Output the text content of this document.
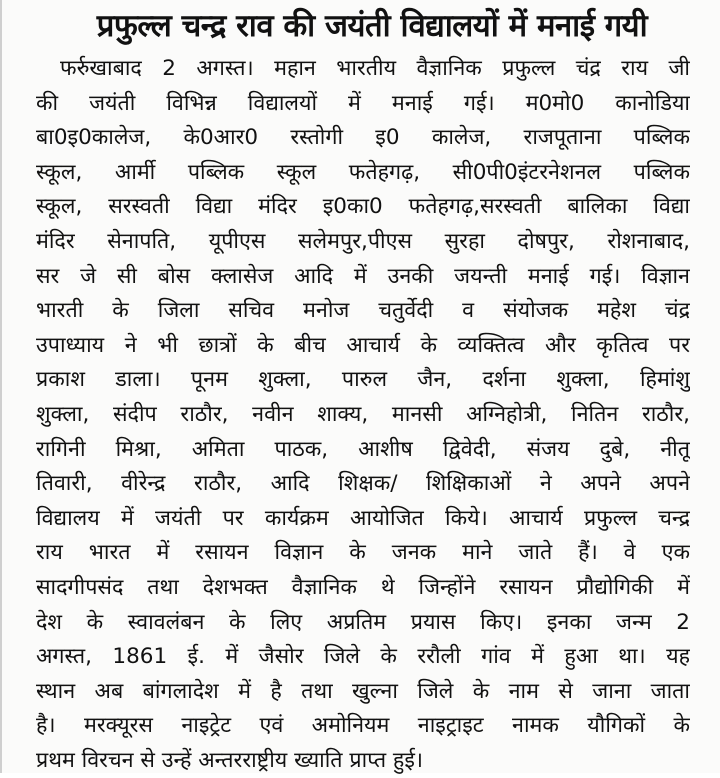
प्रफुल्ल चन्द्र राव की जयंती विद्यालयों में मनाई गयी
फर्रुखाबाद 2 अगस्त। महान भारतीय वैज्ञानिक प्रफुल्ल चंद्र राय जी
की जयंती विभिन्न विद्यालयों में मनाई गई। म0मो0 कानोडिया
बा0इ0कालेज, के0आर0 रस्तोगी इ0 कालेज, राजपूताना पब्लिक
स्कूल, आर्मी पब्लिक स्कूल फतेहगढ़, सी0पी0इंटरनेशनल पब्लिक
स्कूल, सरस्वती विद्या मंदिर इ0का0 फतेहगढ़,सरस्वती बालिका विद्या
मंदिर सेनापति, यूपीएस सलेमपुर,पीएस सुरहा दोषपुर, रोशनाबाद,
सर जे सी बोस क्लासेज आदि में उनकी जयन्ती मनाई गई। विज्ञान
भारती के जिला सचिव मनोज चतुर्वेदी व संयोजक महेश चंद्र
उपाध्याय ने भी छात्रों के बीच आचार्य के व्यक्तित्व और कृतित्व पर
प्रकाश डाला। पूनम शुक्ला, पारुल जैन, दर्शना शुक्ला, हिमांशु
शुक्ला, संदीप राठौर, नवीन शाक्य, मानसी अग्निहोत्री, नितिन राठौर,
रागिनी मिश्रा, अमिता पाठक, आशीष द्विवेदी, संजय दुबे, नीतू
तिवारी, वीरेन्द्र राठौर, आदि शिक्षक/ शिक्षिकाओं ने अपने अपने
विद्यालय में जयंती पर कार्यक्रम आयोजित किये। आचार्य प्रफुल्ल चन्द्र
राय भारत में रसायन विज्ञान के जनक माने जाते हैं। वे एक
सादगीपसंद तथा देशभक्त वैज्ञानिक थे जिन्होंने रसायन प्रौद्योगिकी में
देश के स्वावलंबन के लिए अप्रतिम प्रयास किए। इनका जन्म 2
अगस्त, 1861 ई. में जैसोर जिले के ररौली गांव में हुआ था। यह
स्थान अब बांगलादेश में है तथा खुल्ना जिले के नाम से जाना जाता
है। मरक्यूरस नाइट्रेट एवं अमोनियम नाइट्राइट नामक यौगिकों के
प्रथम विरचन से उन्हें अन्तरराष्ट्रीय ख्याति प्राप्त हुई।
